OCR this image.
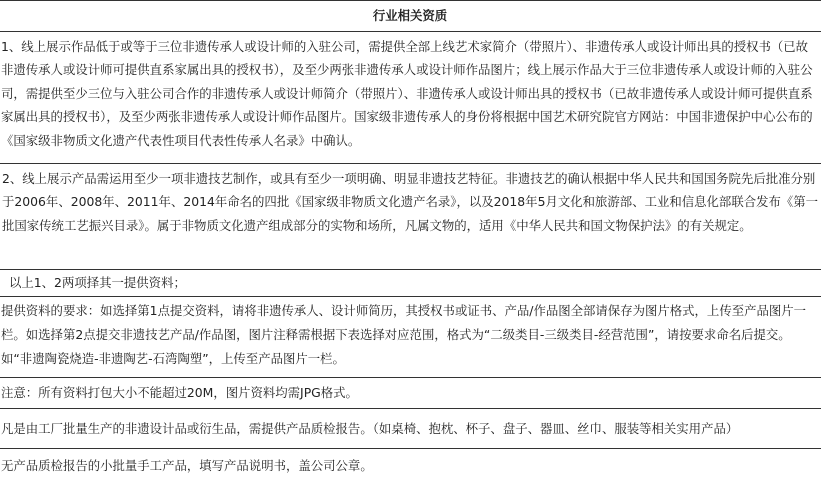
行业相关资质
1、线上展示作品低于或等于三位非遗传承人或设计师的入驻公司，需提供全部上线艺术家简介（带照片）、非遗传承人或设计师出具的授权书（已故非遗传承人或设计师可提供直系家属出具的授权书），及至少两张非遗传承人或设计师作品图片；线上展示作品大于三位非遗传承人或设计师的入驻公司，需提供至少三位与入驻公司合作的非遗传承人或设计师简介（带照片）、非遗传承人或设计师出具的授权书（已故非遗传承人或设计师可提供直系家属出具的授权书），及至少两张非遗传承人或设计师作品图片。国家级非遗传承人的身份将根据中国艺术研究院官方网站：中国非遗保护中心公布的《国家级非物质文化遗产代表性项目代表性传承人名录》中确认。
2、线上展示产品需运用至少一项非遗技艺制作，或具有至少一项明确、明显非遗技艺特征。非遗技艺的确认根据中华人民共和国国务院先后批准分别于2006年、2008年、2011年、2014年命名的四批《国家级非物质文化遗产名录》，以及2018年5月文化和旅游部、工业和信息化部联合发布《第一批国家传统工艺振兴目录》。属于非物质文化遗产组成部分的实物和场所，凡属文物的，适用《中华人民共和国文物保护法》的有关规定。
以上1、2两项择其一提供资料；
提供资料的要求：如选择第1点提交资料，请将非遗传承人、设计师简历，其授权书或证书、产品/作品图全部请保存为图片格式，上传至产品图片一栏。如选择第2点提交非遗技艺产品/作品图，图片注释需根据下表选择对应范围，格式为“二级类目-三级类目-经营范围”，请按要求命名后提交。如“非遗陶瓷烧造-非遗陶艺-石湾陶塑”，上传至产品图片一栏。
注意：所有资料打包大小不能超过20M，图片资料均需JPG格式。
凡是由工厂批量生产的非遗设计品或衍生品，需提供产品质检报告。（如桌椅、抱枕、杯子、盘子、器皿、丝巾、服装等相关实用产品）
无产品质检报告的小批量手工产品，填写产品说明书，盖公司公章。
